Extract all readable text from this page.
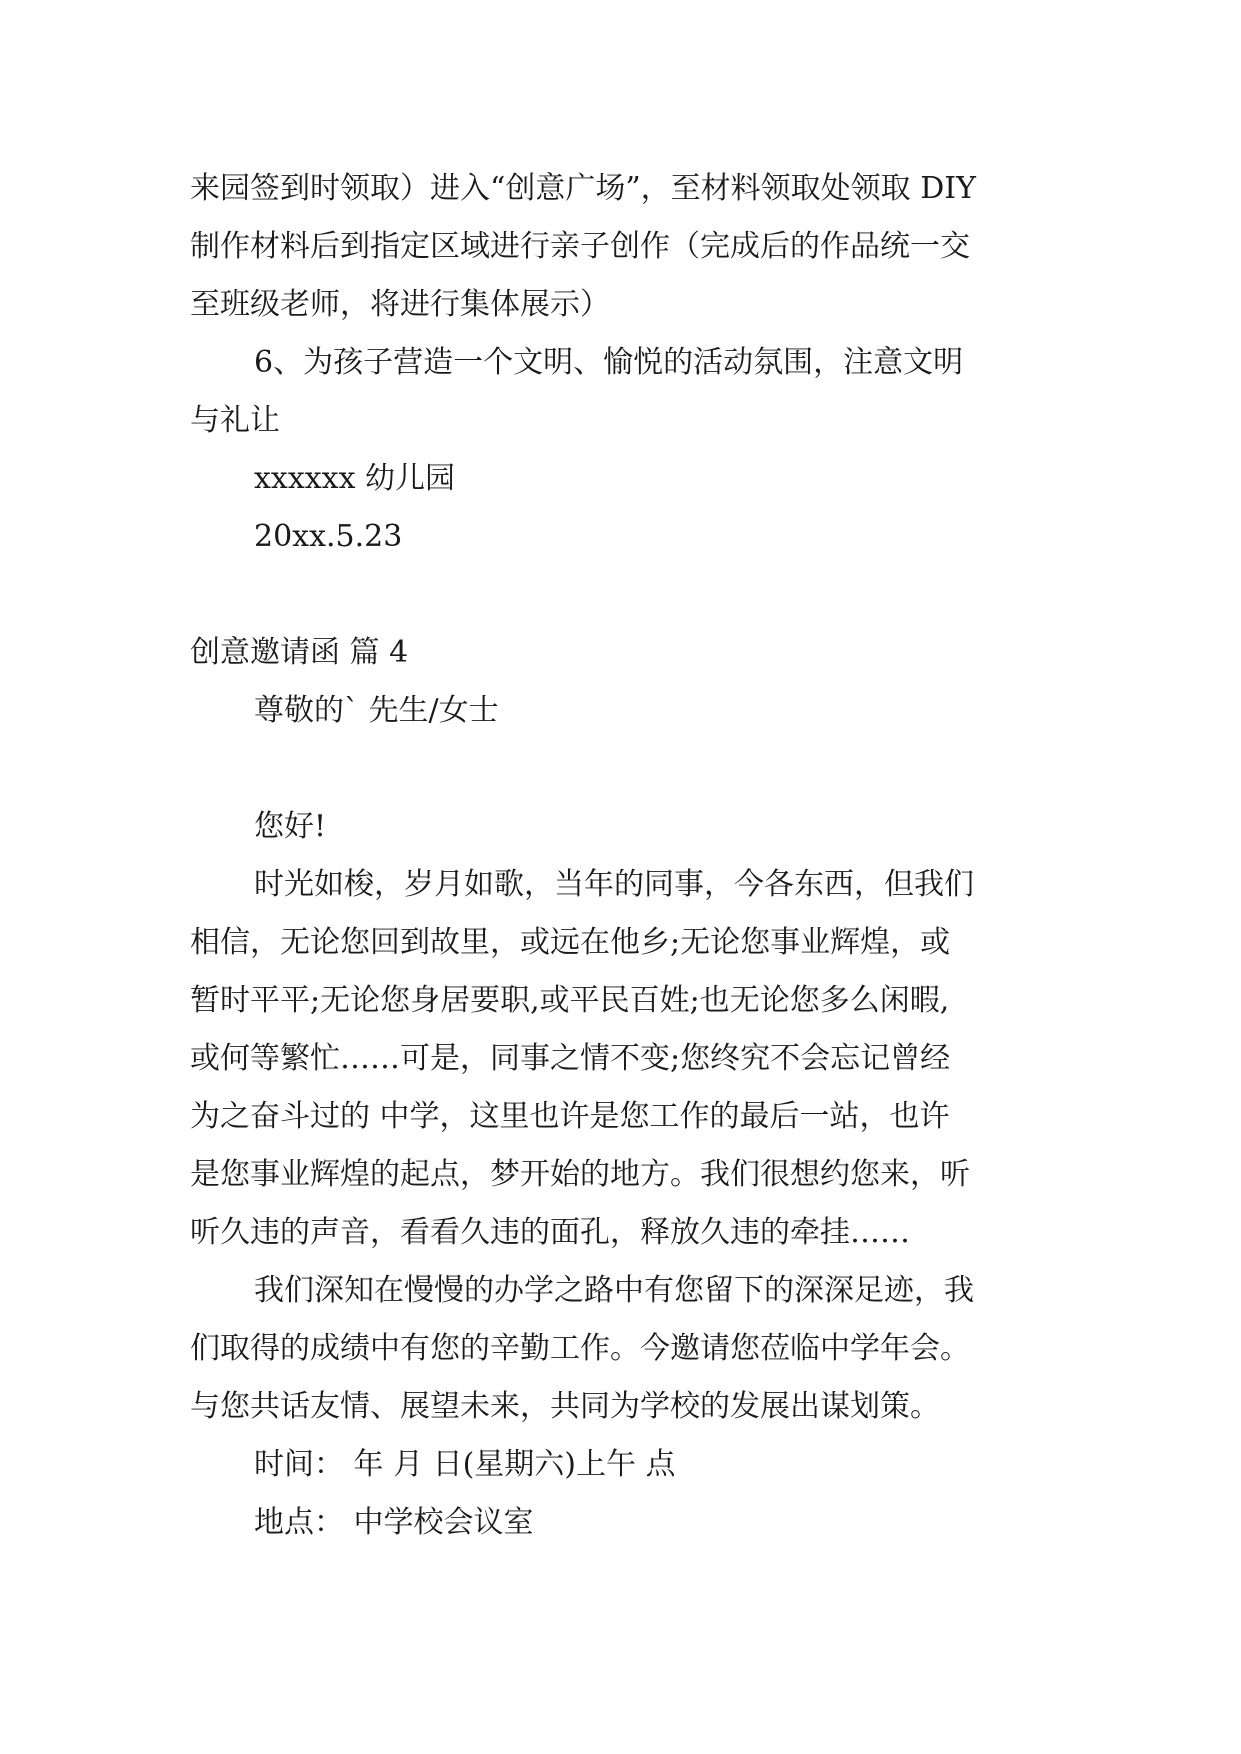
来园签到时领取）进入“创意广场”，至材料领取处领取 DIY
制作材料后到指定区域进行亲子创作（完成后的作品统一交
至班级老师，将进行集体展示）
6、为孩子营造一个文明、愉悦的活动氛围，注意文明
与礼让
xxxxxx 幼儿园
20xx.5.23
创意邀请函 篇 4
尊敬的` 先生/女士
您好!
时光如梭，岁月如歌，当年的同事，今各东西，但我们
相信，无论您回到故里，或远在他乡;无论您事业辉煌，或
暂时平平;无论您身居要职,或平民百姓;也无论您多么闲暇,
或何等繁忙……可是，同事之情不变;您终究不会忘记曾经
为之奋斗过的 中学，这里也许是您工作的最后一站，也许
是您事业辉煌的起点，梦开始的地方。我们很想约您来，听
听久违的声音，看看久违的面孔，释放久违的牵挂……
我们深知在慢慢的办学之路中有您留下的深深足迹，我
们取得的成绩中有您的辛勤工作。今邀请您莅临中学年会。
与您共话友情、展望未来，共同为学校的发展出谋划策。
时间： 年 月 日(星期六)上午 点
地点： 中学校会议室
